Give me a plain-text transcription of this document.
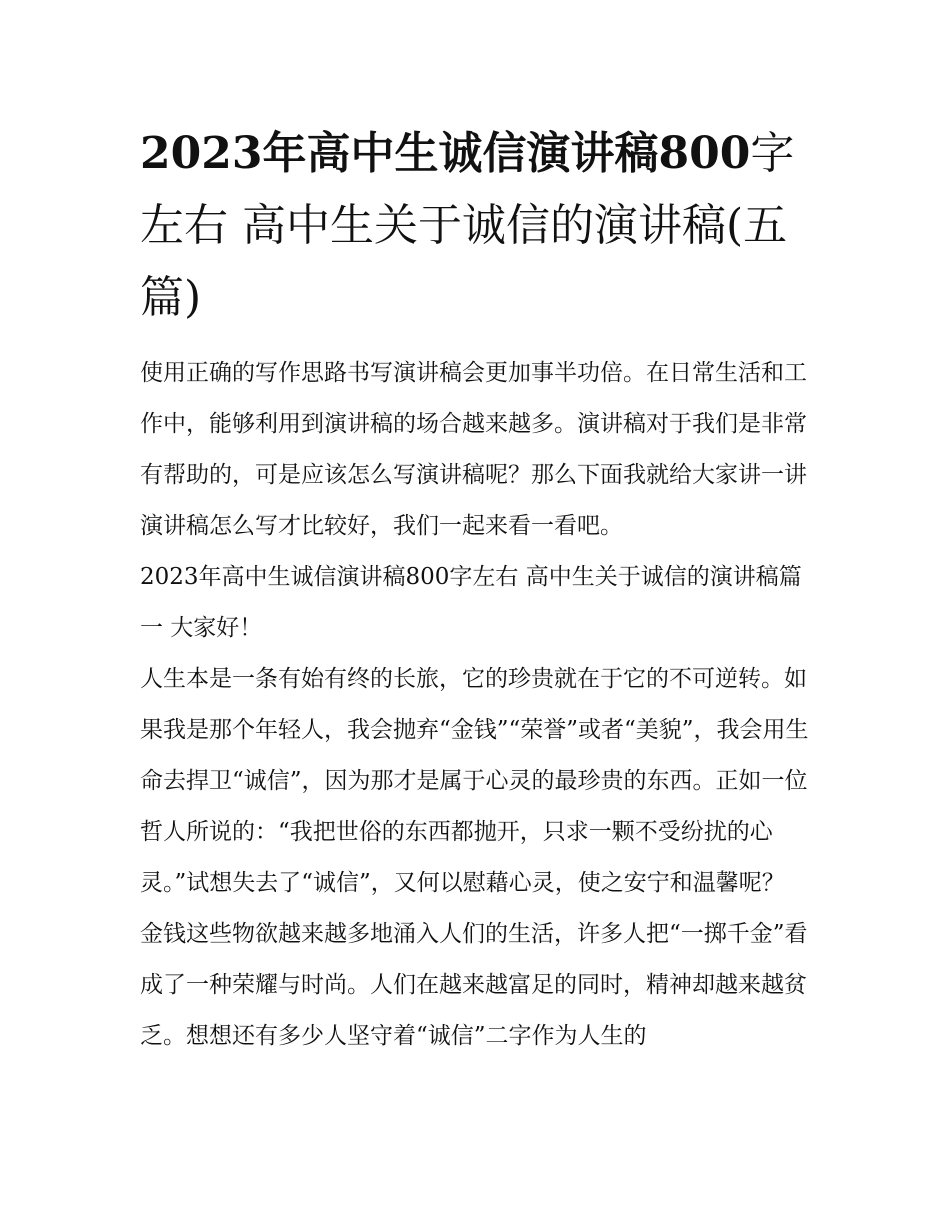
2023年高中生诚信演讲稿800字左右 高中生关于诚信的演讲稿(五篇)

使用正确的写作思路书写演讲稿会更加事半功倍。在日常生活和工作中，能够利用到演讲稿的场合越来越多。演讲稿对于我们是非常有帮助的，可是应该怎么写演讲稿呢？那么下面我就给大家讲一讲演讲稿怎么写才比较好，我们一起来看一看吧。

2023年高中生诚信演讲稿800字左右 高中生关于诚信的演讲稿篇一 大家好！

人生本是一条有始有终的长旅，它的珍贵就在于它的不可逆转。如果我是那个年轻人，我会抛弃“金钱”“荣誉”或者“美貌”，我会用生命去捍卫“诚信”，因为那才是属于心灵的最珍贵的东西。正如一位哲人所说的：“我把世俗的东西都抛开，只求一颗不受纷扰的心灵。”试想失去了“诚信”，又何以慰藉心灵，使之安宁和温馨呢？

金钱这些物欲越来越多地涌入人们的生活，许多人把“一掷千金”看成了一种荣耀与时尚。人们在越来越富足的同时，精神却越来越贫乏。想想还有多少人坚守着“诚信”二字作为人生的
